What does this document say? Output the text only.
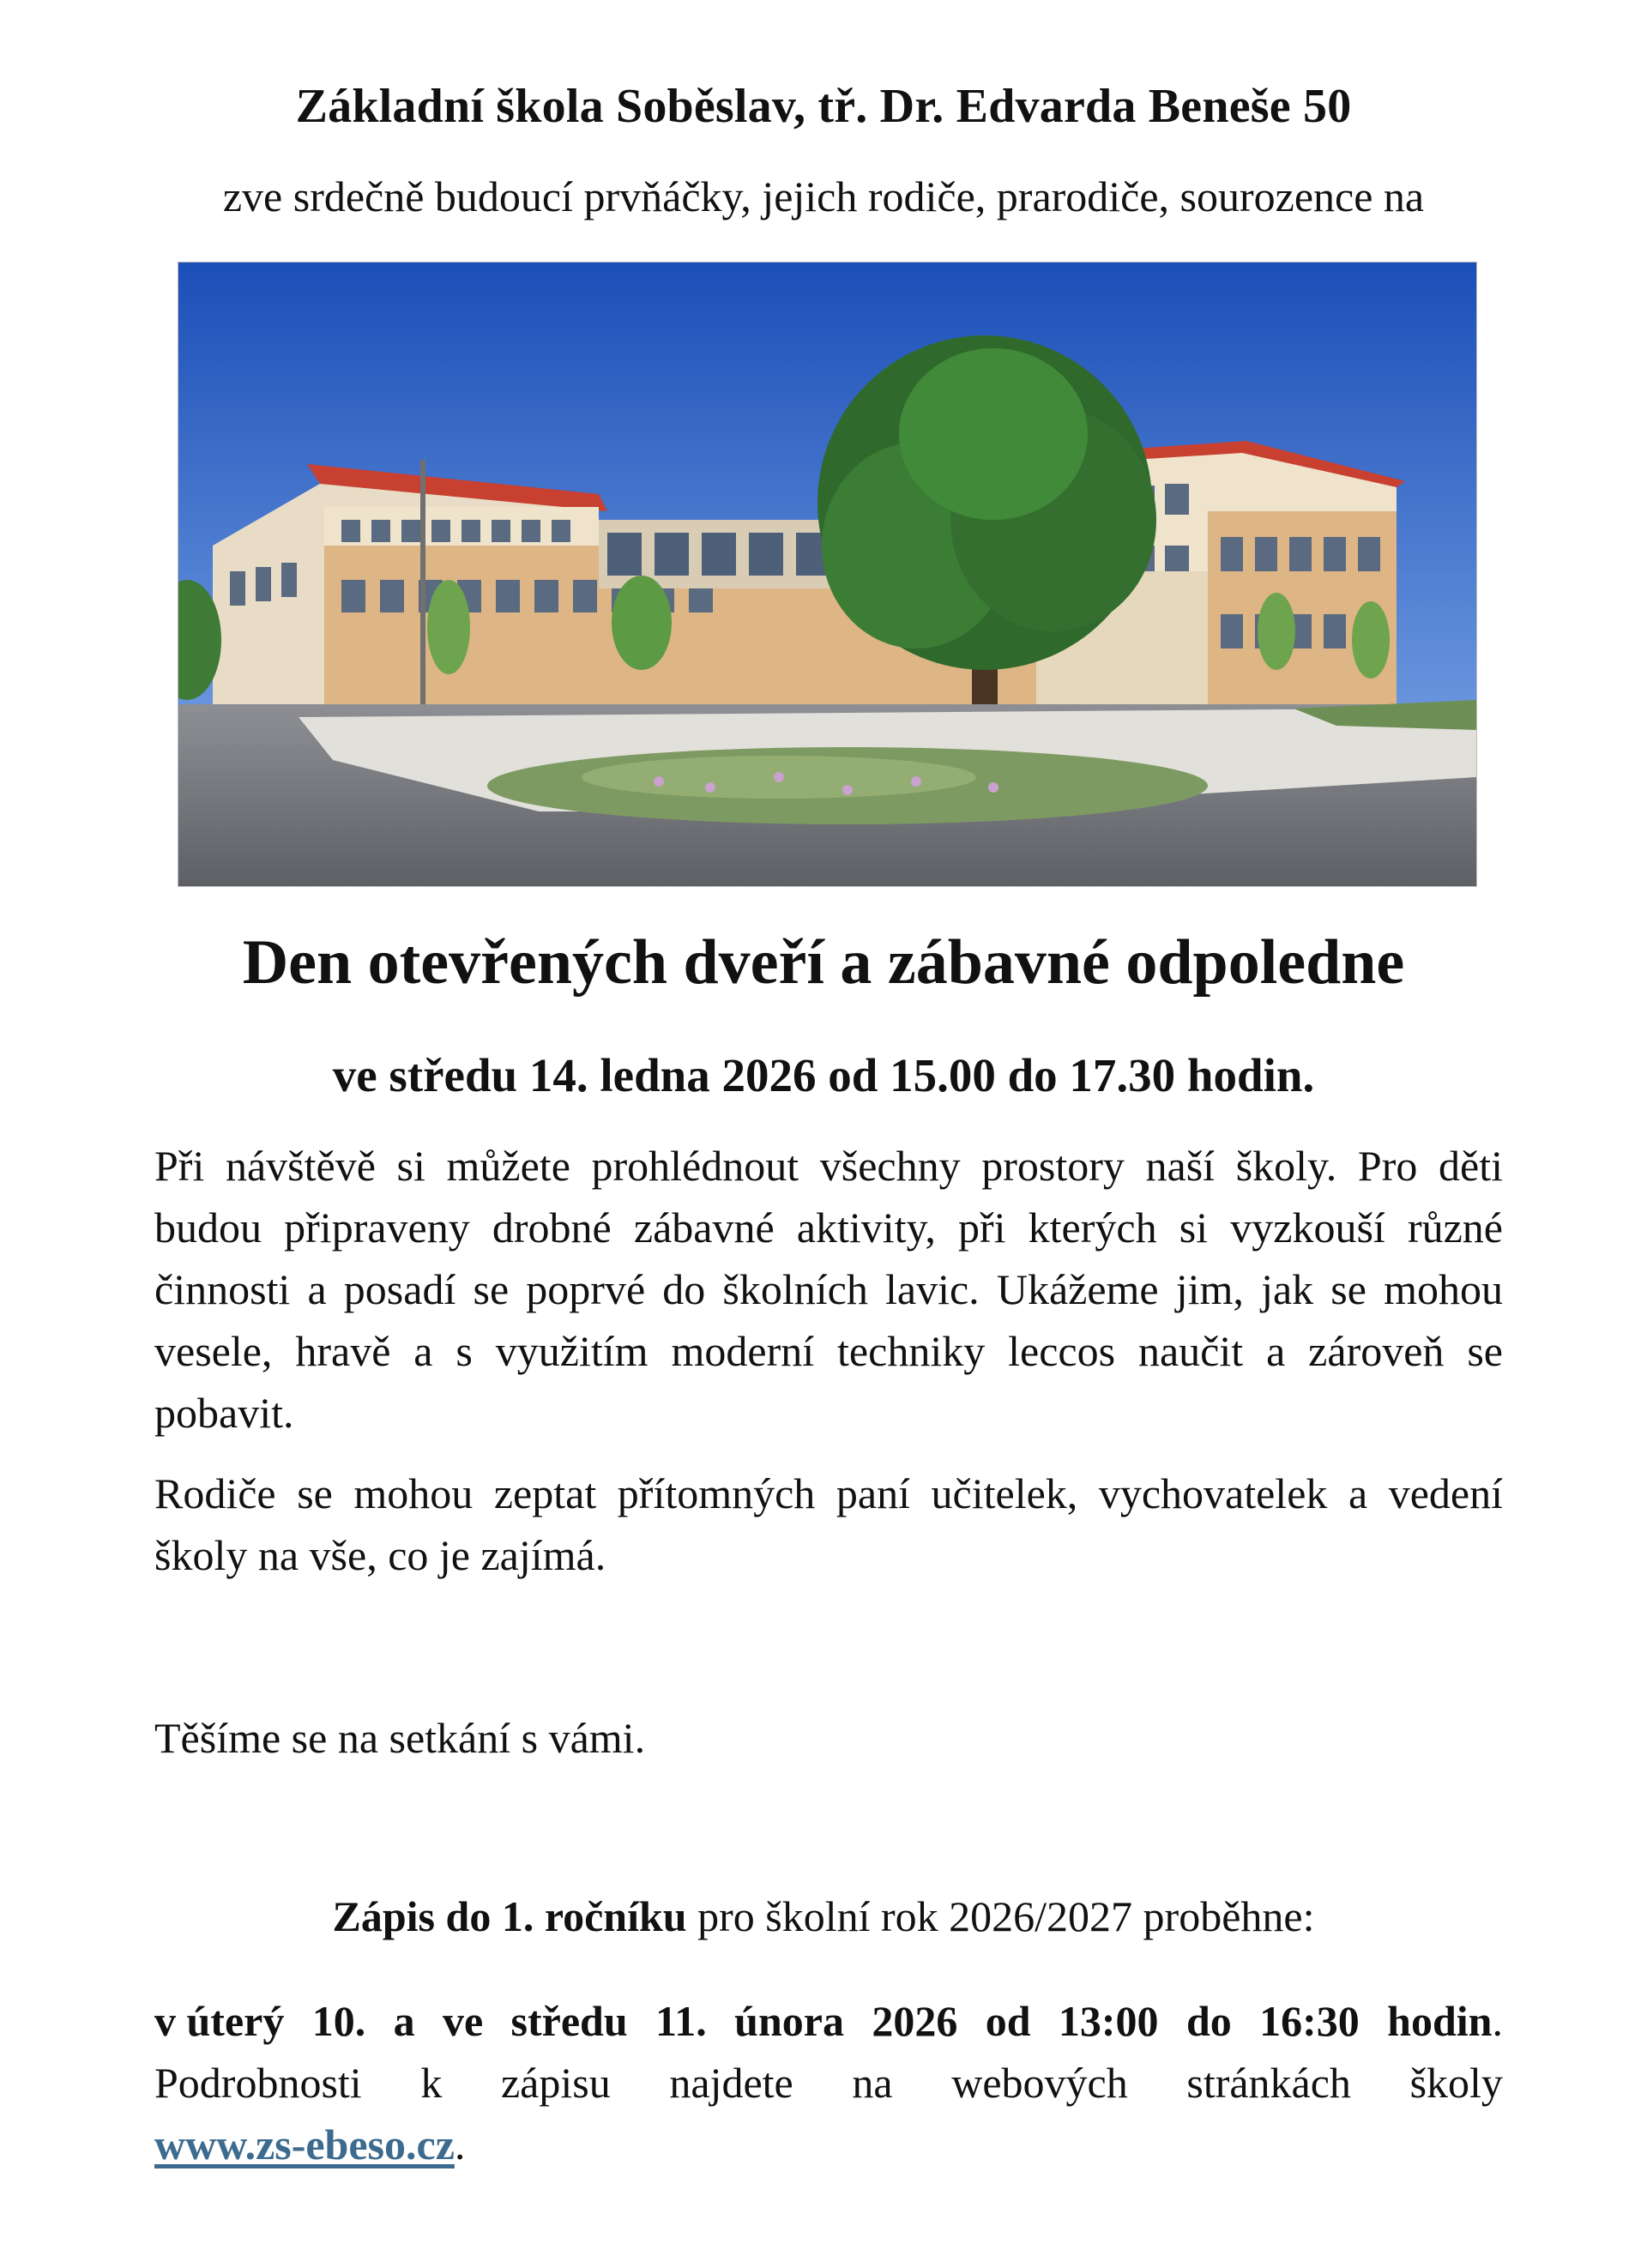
Základní škola Soběslav, tř. Dr. Edvarda Beneše 50
zve srdečně budoucí prvňáčky, jejich rodiče, prarodiče, sourozence na
Den otevřených dveří a zábavné odpoledne
ve středu 14. ledna 2026 od 15.00 do 17.30 hodin.
Při návštěvě si můžete prohlédnout všechny prostory naší školy. Pro děti budou připraveny drobné zábavné aktivity, při kterých si vyzkouší různé činnosti a posadí se poprvé do školních lavic. Ukážeme jim, jak se mohou vesele, hravě a s využitím moderní techniky leccos naučit a zároveň se pobavit.
Rodiče se mohou zeptat přítomných paní učitelek, vychovatelek a vedení školy na vše, co je zajímá.
Těšíme se na setkání s vámi.
Zápis do 1. ročníku pro školní rok 2026/2027 proběhne:
v úterý 10. a ve středu 11. února 2026 od 13:00 do 16:30 hodin.
Podrobnosti k zápisu najdete na webových stránkách školy
www.zs-ebeso.cz.
